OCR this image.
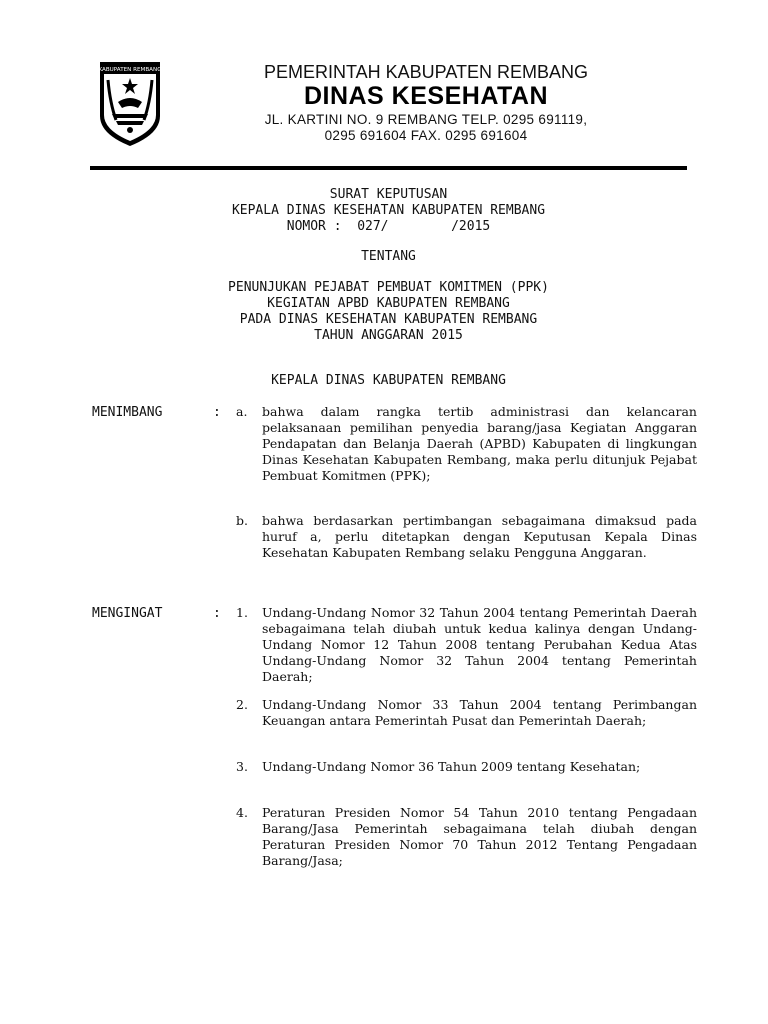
KABUPATEN REMBANG	PEMERINTAH KABUPATEN REMBANG
DINAS KESEHATAN
JL. KARTINI NO. 9 REMBANG TELP. 0295 691119,
0295 691604 FAX. 0295 691604
SURAT KEPUTUSAN
KEPALA DINAS KESEHATAN KABUPATEN REMBANG
NOMOR :  027/        /2015
TENTANG
PENUNJUKAN PEJABAT PEMBUAT KOMITMEN (PPK)
KEGIATAN APBD KABUPATEN REMBANG
PADA DINAS KESEHATAN KABUPATEN REMBANG
TAHUN ANGGARAN 2015
KEPALA DINAS KABUPATEN REMBANG
MENIMBANG	: a. bahwa dalam rangka tertib administrasi dan kelancaran pelaksanaan pemilihan penyedia barang/jasa Kegiatan Anggaran Pendapatan dan Belanja Daerah (APBD) Kabupaten di lingkungan Dinas Kesehatan Kabupaten Rembang, maka perlu ditunjuk Pejabat Pembuat Komitmen (PPK);
b. bahwa berdasarkan pertimbangan sebagaimana dimaksud pada huruf a, perlu ditetapkan dengan Keputusan Kepala Dinas Kesehatan Kabupaten Rembang selaku Pengguna Anggaran.
MENGINGAT	: 1. Undang-Undang Nomor 32 Tahun 2004 tentang Pemerintah Daerah sebagaimana telah diubah untuk kedua kalinya dengan Undang-Undang Nomor 12 Tahun 2008 tentang Perubahan Kedua Atas Undang-Undang Nomor 32 Tahun 2004 tentang Pemerintah Daerah;
2. Undang-Undang Nomor 33 Tahun 2004 tentang Perimbangan Keuangan antara Pemerintah Pusat dan Pemerintah Daerah;
3. Undang-Undang Nomor 36 Tahun 2009 tentang Kesehatan;
4. Peraturan Presiden Nomor 54 Tahun 2010 tentang Pengadaan Barang/Jasa Pemerintah sebagaimana telah diubah dengan Peraturan Presiden Nomor 70 Tahun 2012 Tentang Pengadaan Barang/Jasa;
